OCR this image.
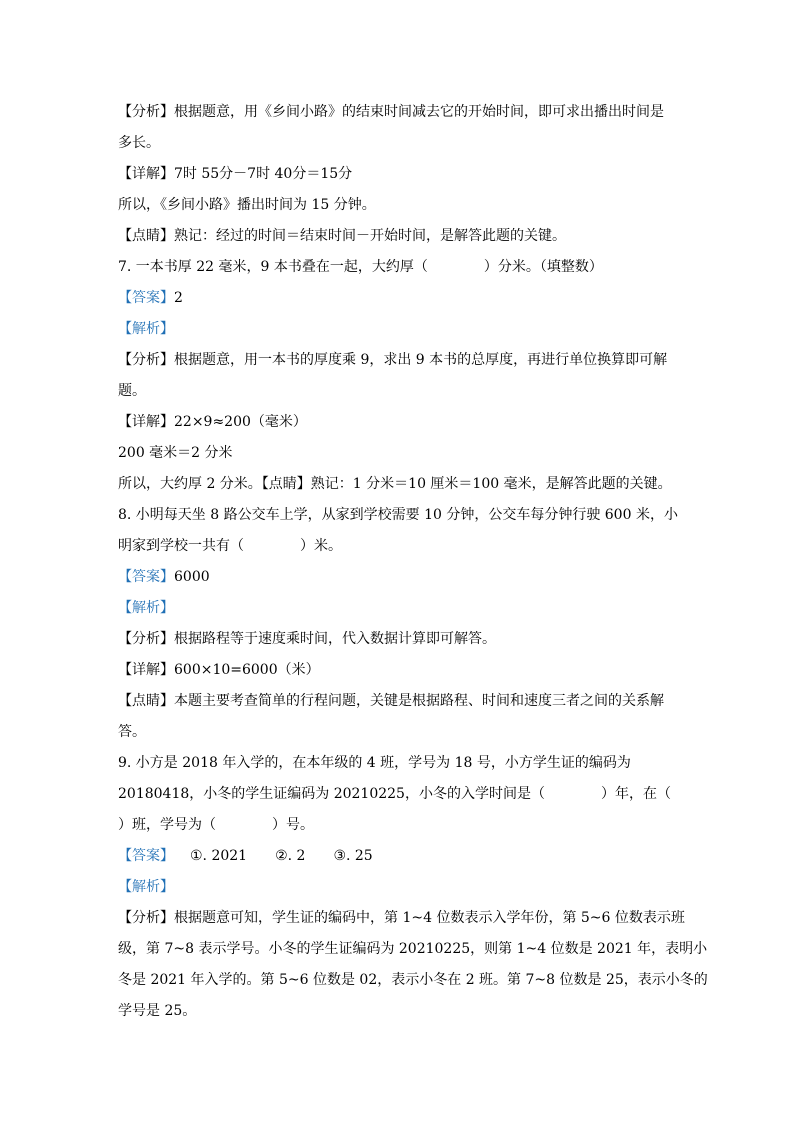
【分析】根据题意，用《乡间小路》的结束时间减去它的开始时间，即可求出播出时间是
多长。
【详解】7时 55分－7时 40分＝15分
所以，《乡间小路》播出时间为 15 分钟。
【点睛】熟记：经过的时间＝结束时间－开始时间，是解答此题的关键。
7. 一本书厚 22 毫米，9 本书叠在一起，大约厚（　　　　）分米。（填整数）
【答案】2
【解析】
【分析】根据题意，用一本书的厚度乘 9，求出 9 本书的总厚度，再进行单位换算即可解
题。
【详解】22×9≈200（毫米）
200 毫米＝2 分米
所以，大约厚 2 分米。【点睛】熟记：1 分米＝10 厘米＝100 毫米，是解答此题的关键。
8. 小明每天坐 8 路公交车上学，从家到学校需要 10 分钟，公交车每分钟行驶 600 米，小
明家到学校一共有（　　　　）米。
【答案】6000
【解析】
【分析】根据路程等于速度乘时间，代入数据计算即可解答。
【详解】600×10=6000（米）
【点睛】本题主要考查简单的行程问题，关键是根据路程、时间和速度三者之间的关系解
答。
9. 小方是 2018 年入学的，在本年级的 4 班，学号为 18 号，小方学生证的编码为
20180418，小冬的学生证编码为 20210225，小冬的入学时间是（　　　　）年，在（
）班，学号为（　　　　）号。
【答案】 ①. 2021　　②. 2　　③. 25
【解析】
【分析】根据题意可知，学生证的编码中，第 1~4 位数表示入学年份，第 5~6 位数表示班
级，第 7~8 表示学号。小冬的学生证编码为 20210225，则第 1~4 位数是 2021 年，表明小
冬是 2021 年入学的。第 5~6 位数是 02，表示小冬在 2 班。第 7~8 位数是 25，表示小冬的
学号是 25。
